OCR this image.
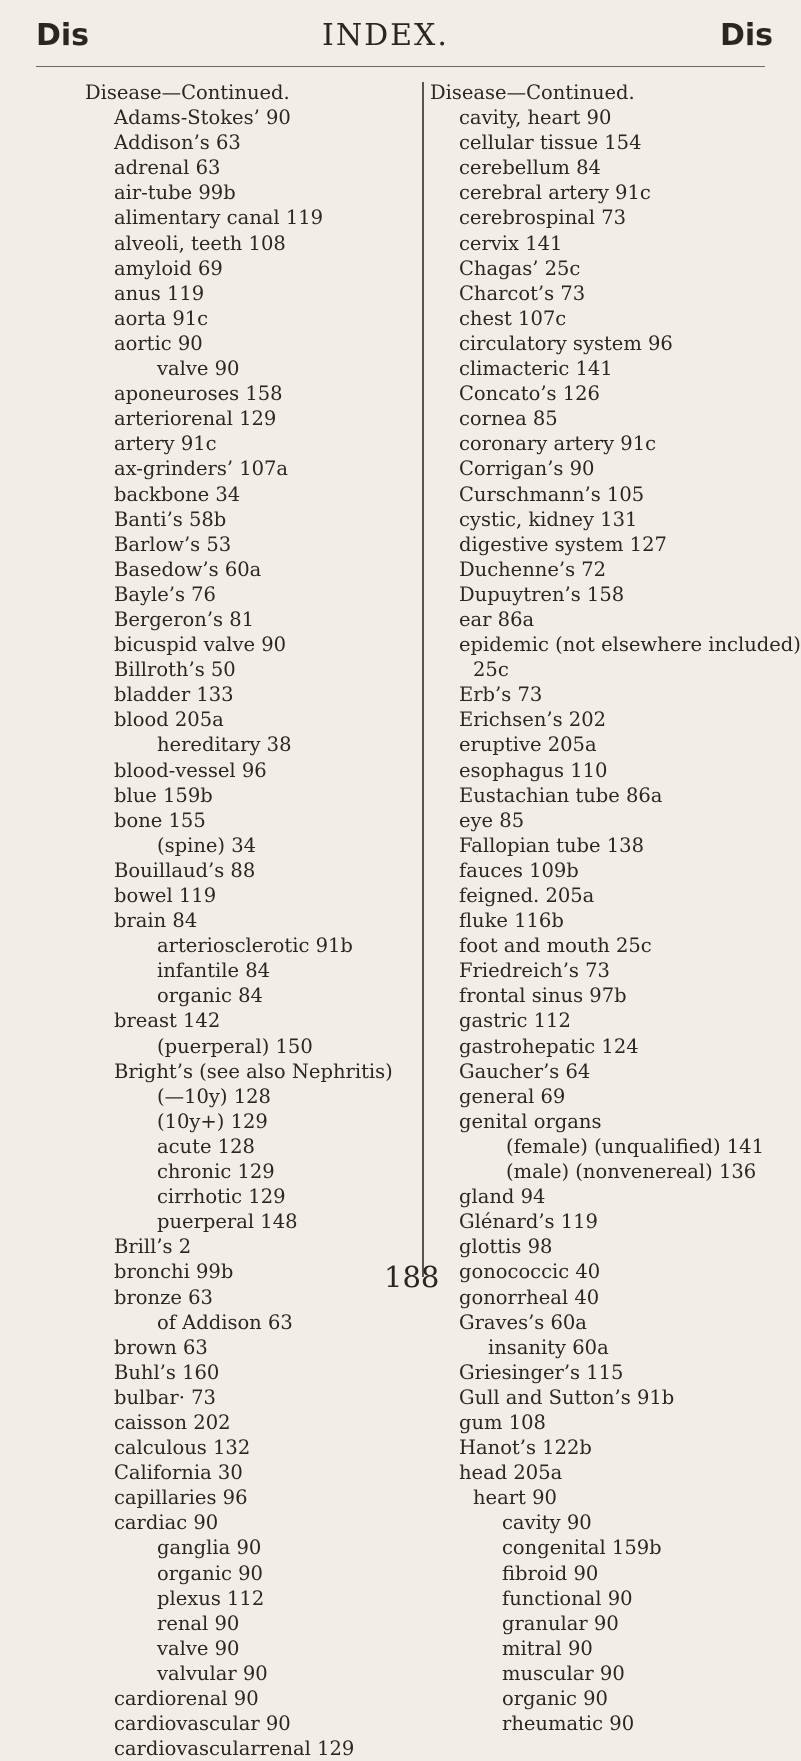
Dis	INDEX.	Dis
Disease—Continued.
Adams-Stokes’ 90
Addison’s 63
adrenal 63
air-tube 99b
alimentary canal 119
alveoli, teeth 108
amyloid 69
anus 119
aorta 91c
aortic 90
valve 90
aponeuroses 158
arteriorenal 129
artery 91c
ax-grinders’ 107a
backbone 34
Banti’s 58b
Barlow’s 53
Basedow’s 60a
Bayle’s 76
Bergeron’s 81
bicuspid valve 90
Billroth’s 50
bladder 133
blood 205a
hereditary 38
blood-vessel 96
blue 159b
bone 155
(spine) 34
Bouillaud’s 88
bowel 119
brain 84
arteriosclerotic 91b
infantile 84
organic 84
breast 142
(puerperal) 150
Bright’s (see also Nephritis)
(—10y) 128
(10y+) 129
acute 128
chronic 129
cirrhotic 129
puerperal 148
Brill’s 2
bronchi 99b
bronze 63
of Addison 63
brown 63
Buhl’s 160
bulbar· 73
caisson 202
calculous 132
California 30
capillaries 96
cardiac 90
ganglia 90
organic 90
plexus 112
renal 90
valve 90
valvular 90
cardiorenal 90
cardiovascular 90
cardiovascularrenal 129
Disease—Continued.
cavity, heart 90
cellular tissue 154
cerebellum 84
cerebral artery 91c
cerebrospinal 73
cervix 141
Chagas’ 25c
Charcot’s 73
chest 107c
circulatory system 96
climacteric 141
Concato’s 126
cornea 85
coronary artery 91c
Corrigan’s 90
Curschmann’s 105
cystic, kidney 131
digestive system 127
Duchenne’s 72
Dupuytren’s 158
ear 86a
epidemic (not elsewhere included)
25c
Erb’s 73
Erichsen’s 202
eruptive 205a
esophagus 110
Eustachian tube 86a
eye 85
Fallopian tube 138
fauces 109b
feigned. 205a
fluke 116b
foot and mouth 25c
Friedreich’s 73
frontal sinus 97b
gastric 112
gastrohepatic 124
Gaucher’s 64
general 69
genital organs
(female) (unqualified) 141
(male) (nonvenereal) 136
gland 94
Glénard’s 119
glottis 98
gonococcic 40
gonorrheal 40
Graves’s 60a
insanity 60a
Griesinger’s 115
Gull and Sutton’s 91b
gum 108
Hanot’s 122b
head 205a
heart 90
cavity 90
congenital 159b
fibroid 90
functional 90
granular 90
mitral 90
muscular 90
organic 90
rheumatic 90
188
